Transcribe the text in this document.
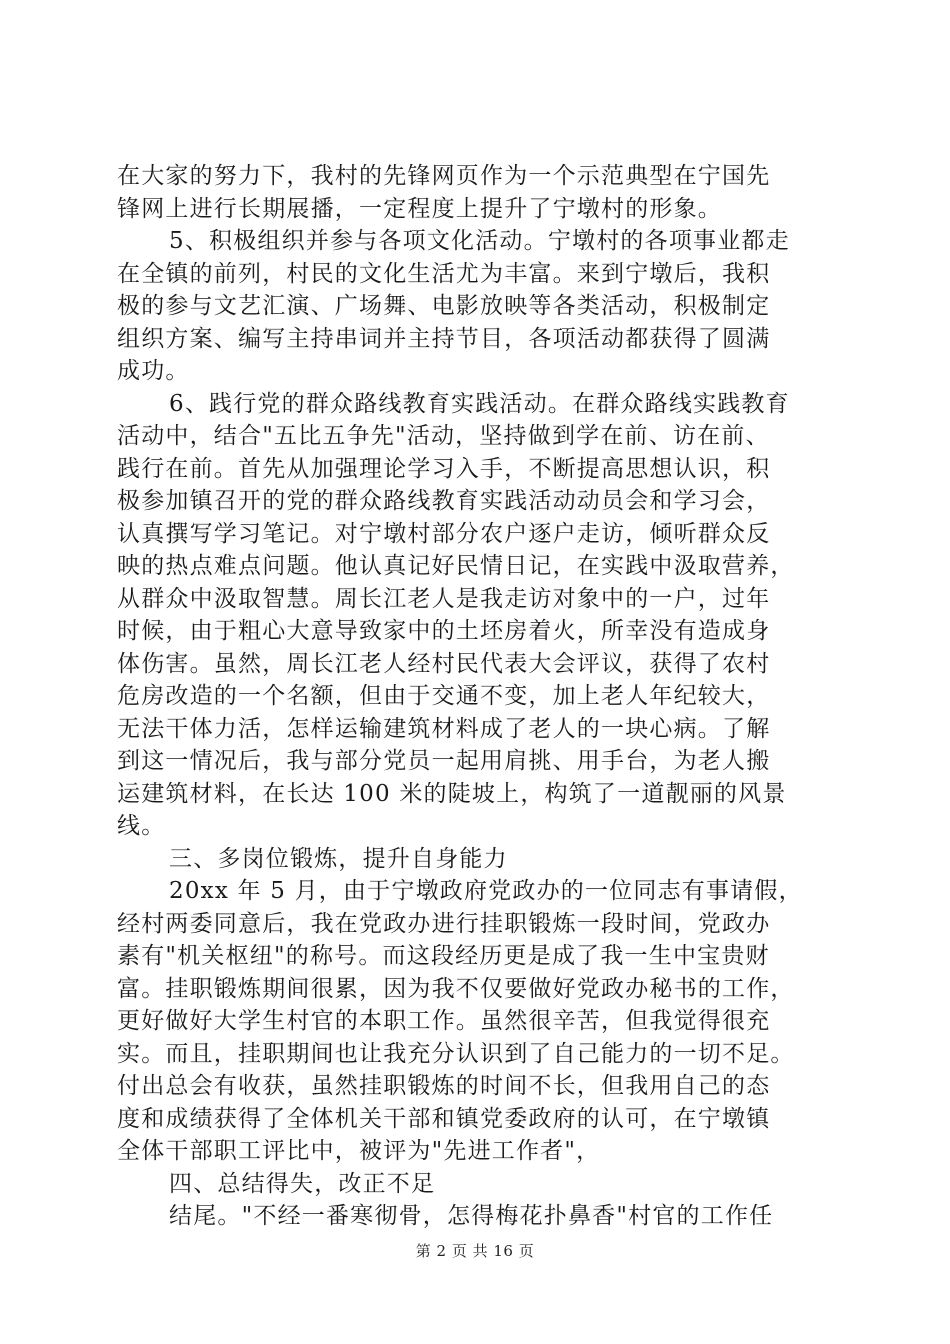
在大家的努力下，我村的先锋网页作为一个示范典型在宁国先
锋网上进行长期展播，一定程度上提升了宁墩村的形象。
5、积极组织并参与各项文化活动。宁墩村的各项事业都走
在全镇的前列，村民的文化生活尤为丰富。来到宁墩后，我积
极的参与文艺汇演、广场舞、电影放映等各类活动，积极制定
组织方案、编写主持串词并主持节目，各项活动都获得了圆满
成功。
6、践行党的群众路线教育实践活动。在群众路线实践教育
活动中，结合"五比五争先"活动，坚持做到学在前、访在前、
践行在前。首先从加强理论学习入手，不断提高思想认识，积
极参加镇召开的党的群众路线教育实践活动动员会和学习会，
认真撰写学习笔记。对宁墩村部分农户逐户走访，倾听群众反
映的热点难点问题。他认真记好民情日记，在实践中汲取营养，
从群众中汲取智慧。周长江老人是我走访对象中的一户，过年
时候，由于粗心大意导致家中的土坯房着火，所幸没有造成身
体伤害。虽然，周长江老人经村民代表大会评议，获得了农村
危房改造的一个名额，但由于交通不变，加上老人年纪较大，
无法干体力活，怎样运输建筑材料成了老人的一块心病。了解
到这一情况后，我与部分党员一起用肩挑、用手台，为老人搬
运建筑材料，在长达 100 米的陡坡上，构筑了一道靓丽的风景
线。
三、多岗位锻炼，提升自身能力
20xx 年 5 月，由于宁墩政府党政办的一位同志有事请假，
经村两委同意后，我在党政办进行挂职锻炼一段时间，党政办
素有"机关枢纽"的称号。而这段经历更是成了我一生中宝贵财
富。挂职锻炼期间很累，因为我不仅要做好党政办秘书的工作，
更好做好大学生村官的本职工作。虽然很辛苦，但我觉得很充
实。而且，挂职期间也让我充分认识到了自己能力的一切不足。
付出总会有收获，虽然挂职锻炼的时间不长，但我用自己的态
度和成绩获得了全体机关干部和镇党委政府的认可，在宁墩镇
全体干部职工评比中，被评为"先进工作者"，
四、总结得失，改正不足
结尾。"不经一番寒彻骨，怎得梅花扑鼻香"村官的工作任
第 2 页 共 16 页
